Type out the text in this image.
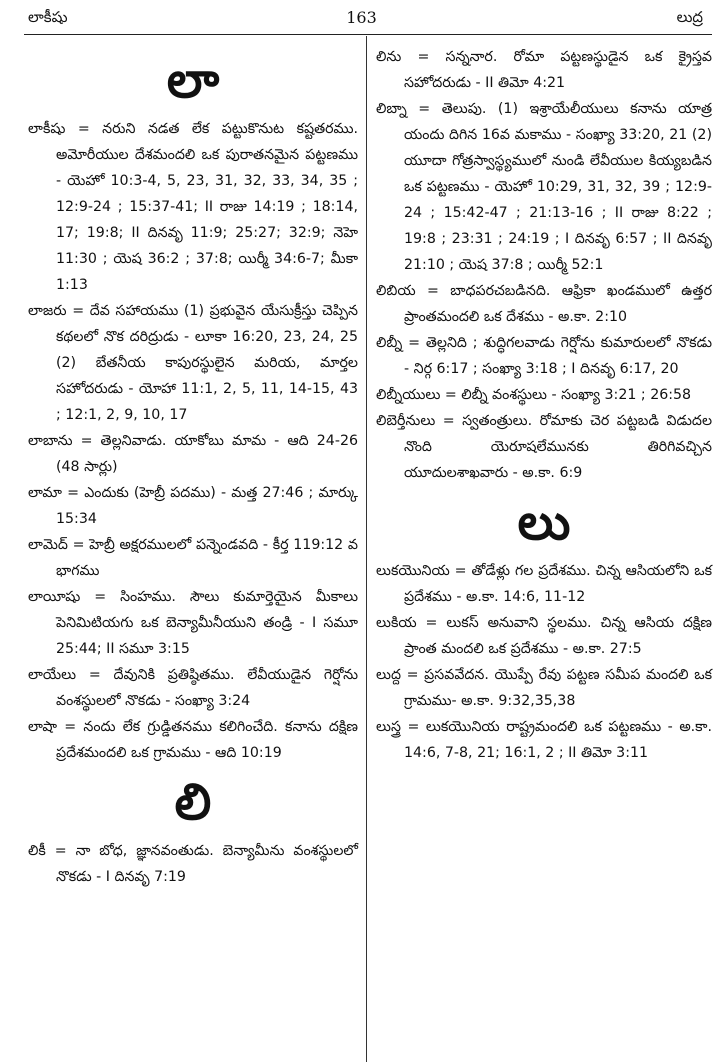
లాకీషు	163	లుద్ర
లా
లాకీషు = నరుని నడత లేక పట్టుకొనుట కష్టతరము. అమోరీయుల దేశమందలి ఒక పురాతనమైన పట్టణము - యెహో 10:3-4, 5, 23, 31, 32, 33, 34, 35 ; 12:9-24 ; 15:37-41; II రాజు 14:19 ; 18:14, 17; 19:8; II దినవృ 11:9; 25:27; 32:9; నెహె 11:30 ; యెష 36:2 ; 37:8; యిర్మీ 34:6-7; మీకా 1:13
లాజరు = దేవ సహాయము (1) ప్రభువైన యేసుక్రీస్తు చెప్పిన కథలలో నొక దరిద్రుడు - లూకా 16:20, 23, 24, 25 (2) బేతనీయ కాపురస్థులైన మరియ, మార్తల సహోదరుడు - యోహా 11:1, 2, 5, 11, 14-15, 43 ; 12:1, 2, 9, 10, 17
లాబాను = తెల్లనివాడు. యాకోబు మామ - ఆది 24-26 (48 సార్లు)
లామా = ఎందుకు (హెబ్రీ పదము) - మత్త 27:46 ; మార్కు 15:34
లామెద్ = హెబ్రీ అక్షరములలో పన్నెండవది - కీర్త 119:12 వ భాగము
లాయీషు = సింహము. సౌలు కుమార్తెయైన మీకాలు పెనిమిటియగు ఒక బెన్యామీనీయుని తండ్రి - I సమూ 25:44; II సమూ 3:15
లాయేలు = దేవునికి ప్రతిష్ఠితము. లేవీయుడైన గెర్షోను వంశస్థులలో నొకడు - సంఖ్యా 3:24
లాషా = నందు లేక గ్రుడ్డితనము కలిగించేది. కనాను దక్షిణ ప్రదేశమందలి ఒక గ్రామము - ఆది 10:19
లి
లికీ = నా బోధ, జ్ఞానవంతుడు. బెన్యామీను వంశస్థులలో నొకడు - I దినవృ 7:19
లిను = సన్ననార. రోమా పట్టణస్థుడైన ఒక క్రైస్తవ సహోదరుడు - II తిమో 4:21
లిబ్నా = తెలుపు. (1) ఇశ్రాయేలీయులు కనాను యాత్ర యందు దిగిన 16వ మకాము - సంఖ్యా 33:20, 21 (2) యూదా గోత్రస్వాస్థ్యములో నుండి లేవీయుల కియ్యబడిన ఒక పట్టణము - యెహో 10:29, 31, 32, 39 ; 12:9-24 ; 15:42-47 ; 21:13-16 ; II రాజు 8:22 ; 19:8 ; 23:31 ; 24:19 ; I దినవృ 6:57 ; II దినవృ 21:10 ; యెష 37:8 ; యిర్మీ 52:1
లిబియ = బాధపరచబడినది. ఆఫ్రికా ఖండములో ఉత్తర ప్రాంతమందలి ఒక దేశము - అ.కా. 2:10
లిబ్నీ = తెల్లనిది ; శుద్ధిగలవాడు గెర్షోను కుమారులలో నొకడు - నిర్గ 6:17 ; సంఖ్యా 3:18 ; I దినవృ 6:17, 20
లిబ్నీయులు = లిబ్నీ వంశస్థులు - సంఖ్యా 3:21 ; 26:58
లిబెర్తీనులు = స్వతంత్రులు. రోమాకు చెర పట్టబడి విడుదల నొంది యెరూషలేమునకు తిరిగివచ్చిన యూదులశాఖవారు - అ.కా. 6:9
లు
లుకయొనియ = తోడేళ్లు గల ప్రదేశము. చిన్న ఆసియలోని ఒక ప్రదేశము - అ.కా. 14:6, 11-12
లుకియ = లుకస్ అనువాని స్థలము. చిన్న ఆసియ దక్షిణ ప్రాంత మందలి ఒక ప్రదేశము - అ.కా. 27:5
లుద్ద = ప్రసవవేదన. యొప్పే రేవు పట్టణ సమీప మందలి ఒక గ్రామము- అ.కా. 9:32,35,38
లుస్త్ర = లుకయొనియ రాష్ట్రమందలి ఒక పట్టణము - అ.కా. 14:6, 7-8, 21; 16:1, 2 ; II తిమో 3:11
